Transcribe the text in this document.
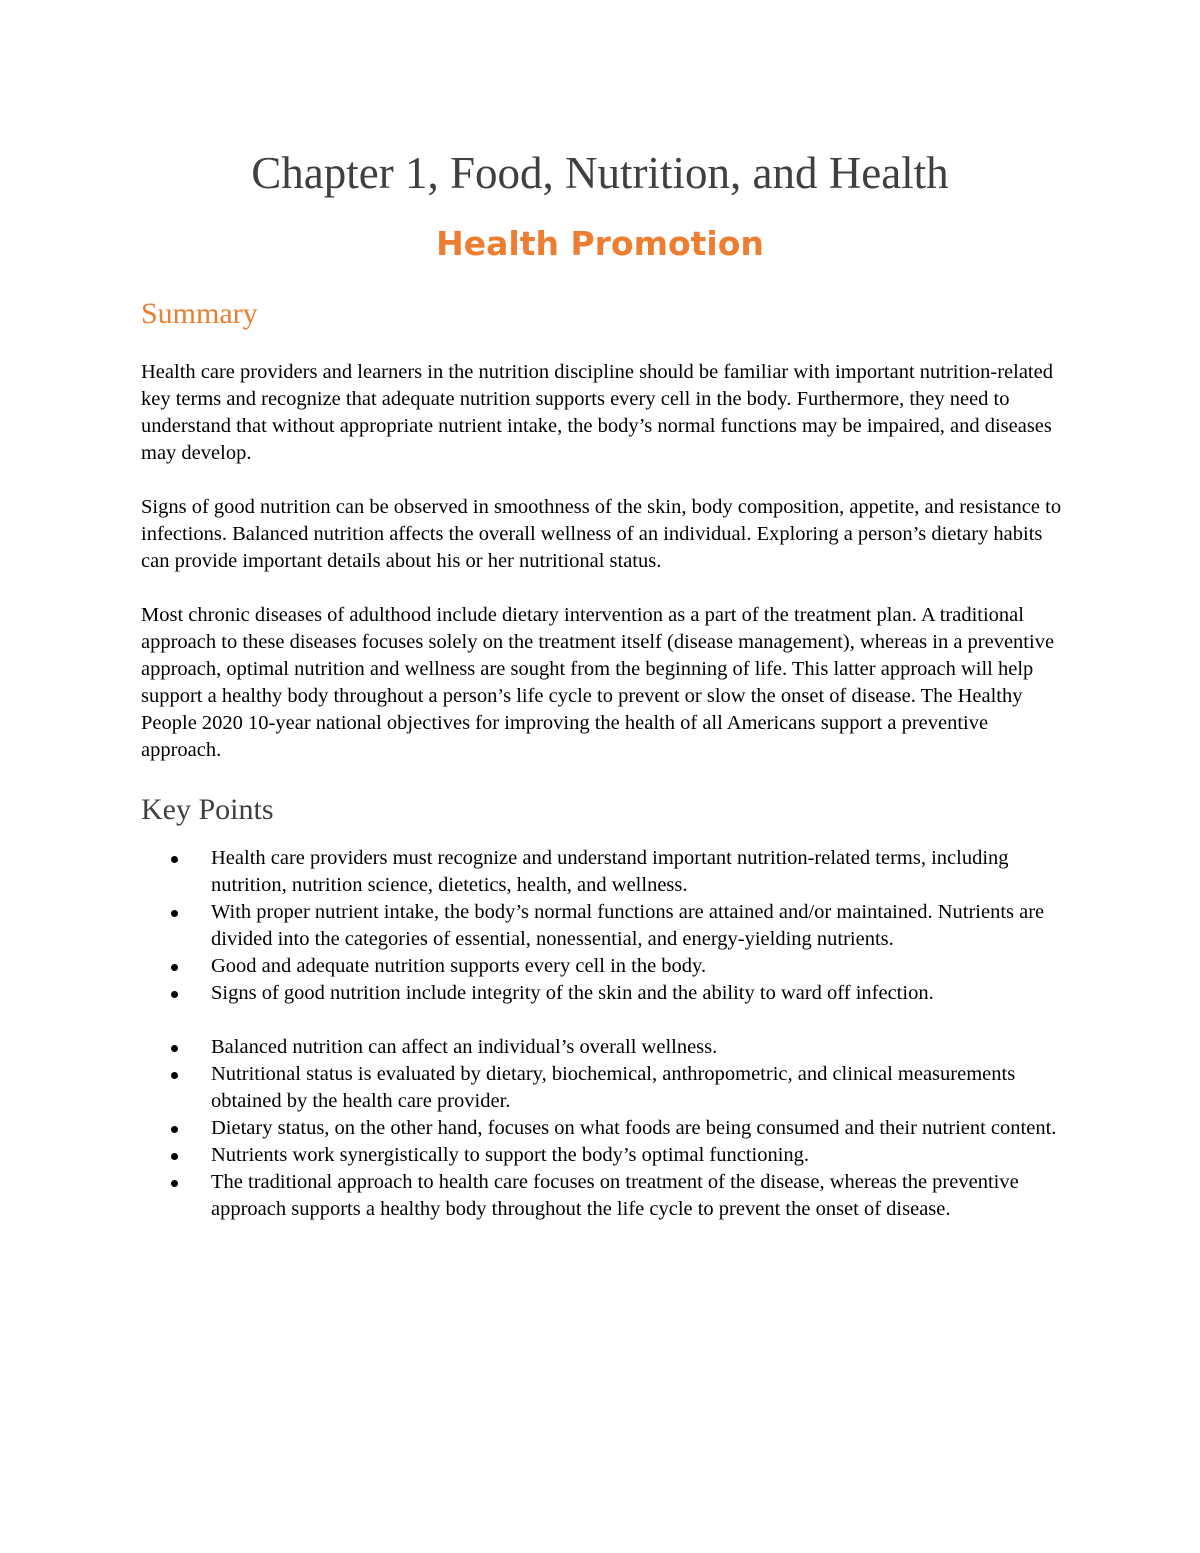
Chapter 1, Food, Nutrition, and Health
Health Promotion
Summary

Health care providers and learners in the nutrition discipline should be familiar with important nutrition-related key terms and recognize that adequate nutrition supports every cell in the body. Furthermore, they need to understand that without appropriate nutrient intake, the body’s normal functions may be impaired, and diseases may develop.

Signs of good nutrition can be observed in smoothness of the skin, body composition, appetite, and resistance to infections. Balanced nutrition affects the overall wellness of an individual. Exploring a person’s dietary habits can provide important details about his or her nutritional status.

Most chronic diseases of adulthood include dietary intervention as a part of the treatment plan. A traditional approach to these diseases focuses solely on the treatment itself (disease management), whereas in a preventive approach, optimal nutrition and wellness are sought from the beginning of life. This latter approach will help support a healthy body throughout a person’s life cycle to prevent or slow the onset of disease. The Healthy People 2020 10-year national objectives for improving the health of all Americans support a preventive approach.

Key Points
Health care providers must recognize and understand important nutrition-related terms, including nutrition, nutrition science, dietetics, health, and wellness.
With proper nutrient intake, the body’s normal functions are attained and/or maintained. Nutrients are divided into the categories of essential, nonessential, and energy-yielding nutrients.
Good and adequate nutrition supports every cell in the body.
Signs of good nutrition include integrity of the skin and the ability to ward off infection.
Balanced nutrition can affect an individual’s overall wellness.
Nutritional status is evaluated by dietary, biochemical, anthropometric, and clinical measurements obtained by the health care provider.
Dietary status, on the other hand, focuses on what foods are being consumed and their nutrient content.
Nutrients work synergistically to support the body’s optimal functioning.
The traditional approach to health care focuses on treatment of the disease, whereas the preventive approach supports a healthy body throughout the life cycle to prevent the onset of disease.
